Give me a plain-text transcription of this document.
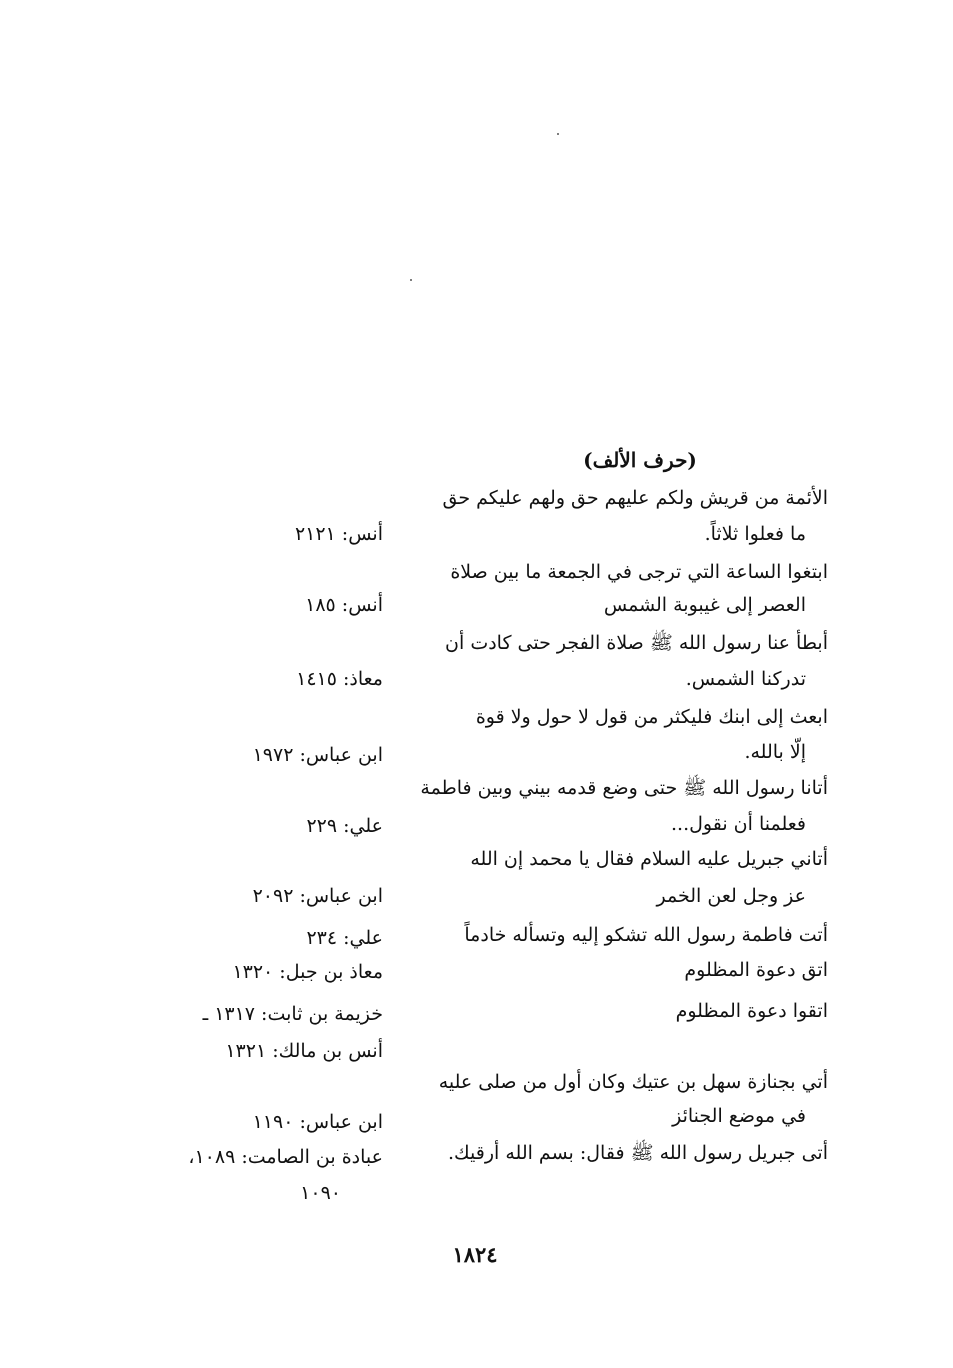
(حرف الألف)
الأئمة من قريش ولكم عليهم حق ولهم عليكم حق
ما فعلوا ثلاثاً.
أنس: ٢١٢١
ابتغوا الساعة التي ترجى في الجمعة ما بين صلاة
العصر إلى غيبوبة الشمس
أنس: ١٨٥
أبطأ عنا رسول الله ﷺ صلاة الفجر حتى كادت أن
تدركنا الشمس.
معاذ: ١٤١٥
ابعث إلى ابنك فليكثر من قول لا حول ولا قوة
إلّا بالله.
ابن عباس: ١٩٧٢
أتانا رسول الله ﷺ حتى وضع قدمه بيني وبين فاطمة
فعلمنا أن نقول...
علي: ٢٢٩
أتاني جبريل عليه السلام فقال يا محمد إن الله
عز وجل لعن الخمر
ابن عباس: ٢٠٩٢
أتت فاطمة رسول الله تشكو إليه وتسأله خادماً
علي: ٢٣٤
اتق دعوة المظلوم
معاذ بن جبل: ١٣٢٠
اتقوا دعوة المظلوم
خزيمة بن ثابت: ١٣١٧ ـ
أنس بن مالك: ١٣٢١
أتي بجنازة سهل بن عتيك وكان أول من صلى عليه
في موضع الجنائز
ابن عباس: ١١٩٠
أتى جبريل رسول الله ﷺ فقال: بسم الله أرقيك.
عبادة بن الصامت: ١٠٨٩،
١٠٩٠
١٨٢٤
